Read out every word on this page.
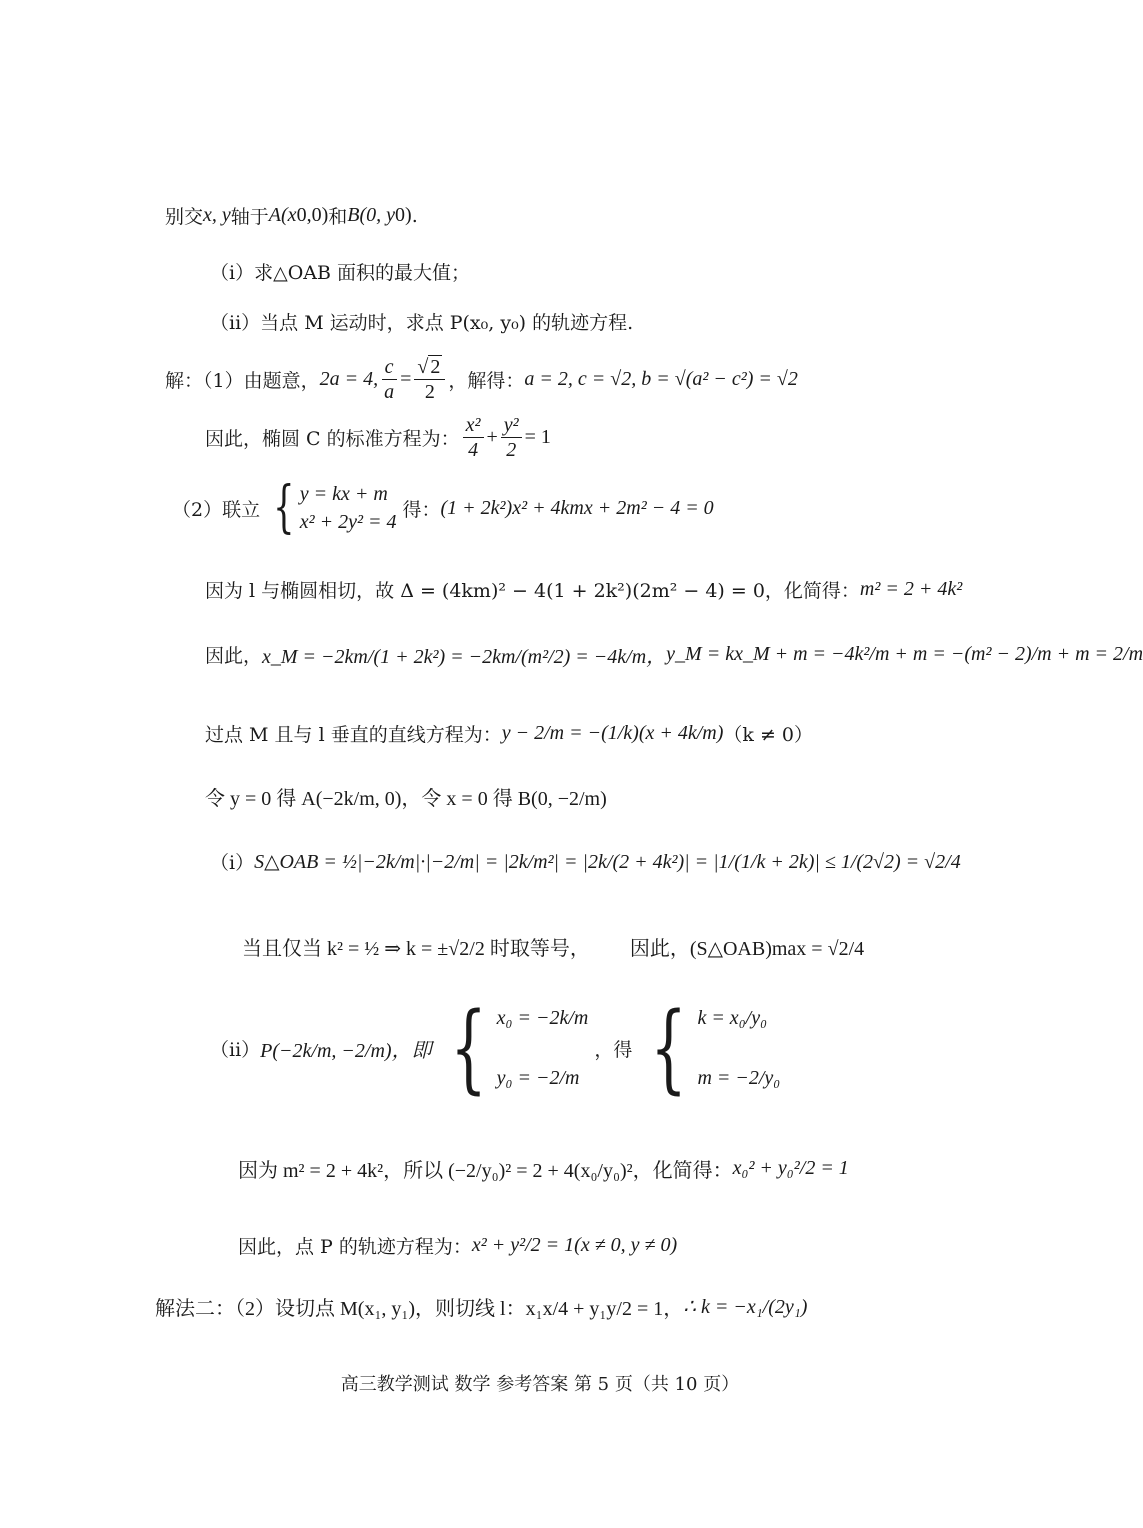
别交 x, y 轴于 A(x 0 ,0) 和 B(0, y 0 ) .
（i）求△OAB 面积的最大值；
（ii）当点 M 运动时，求点 P(x₀, y₀) 的轨迹方程.
解：（1）由题意， 2a = 4, $\frac{c}{a} = \frac{√ 2}{2}$ ，解得： a = 2, c = √2, b = √(a² − c²) = √2
因此，椭圆 C 的标准方程为： $\frac{\text{x²}}{4} + \frac{\text{y²}}{2} = 1$
（2）联立 { y = kx + m
x² + 2y² = 4
得： (1 + 2k²)x² + 4kmx + 2m² − 4 = 0
因为 l 与椭圆相切，故 Δ = (4km)² − 4(1 + 2k²)(2m² − 4) = 0，化简得： m² = 2 + 4k²
因此， x_M = −2km/(1 + 2k²) = −2km/(m²/2) = −4k/m， y_M = kx_M + m = −4k²/m + m = −(m² − 2)/m + m = 2/m
过点 M 且与 l 垂直的直线方程为： y − 2/m = −(1/k)(x + 4k/m) （k ≠ 0）
令 y = 0 得 A(−2k/m, 0)，令 x = 0 得 B(0, −2/m)
（i） S△OAB = ½|−2k/m|·|−2/m| = |2k/m²| = |2k/(2 + 4k²)| = |1/(1/k + 2k)| ≤ 1/(2√2) = √2/4
当且仅当 k² = ½ ⇒ k = ±√2/2 时取等号， 因此，(S△OAB)max = √2/4
（ii） P(−2k/m, −2/m)，即 { x₀ = −2k/m
y₀ = −2/m
，得 { k = x₀/y₀
m = −2/y₀
因为 m² = 2 + 4k²，所以 (−2/y₀)² = 2 + 4(x₀/y₀)²，化简得： x₀² + y₀²/2 = 1
因此，点 P 的轨迹方程为： x² + y²/2 = 1(x ≠ 0, y ≠ 0)
解法二：（2）设切点 M(x₁, y₁)，则切线 l：x₁x/4 + y₁y/2 = 1， ∴ k = −x₁/(2y₁)
高三教学测试 数学 参考答案 第 5 页（共 10 页）
